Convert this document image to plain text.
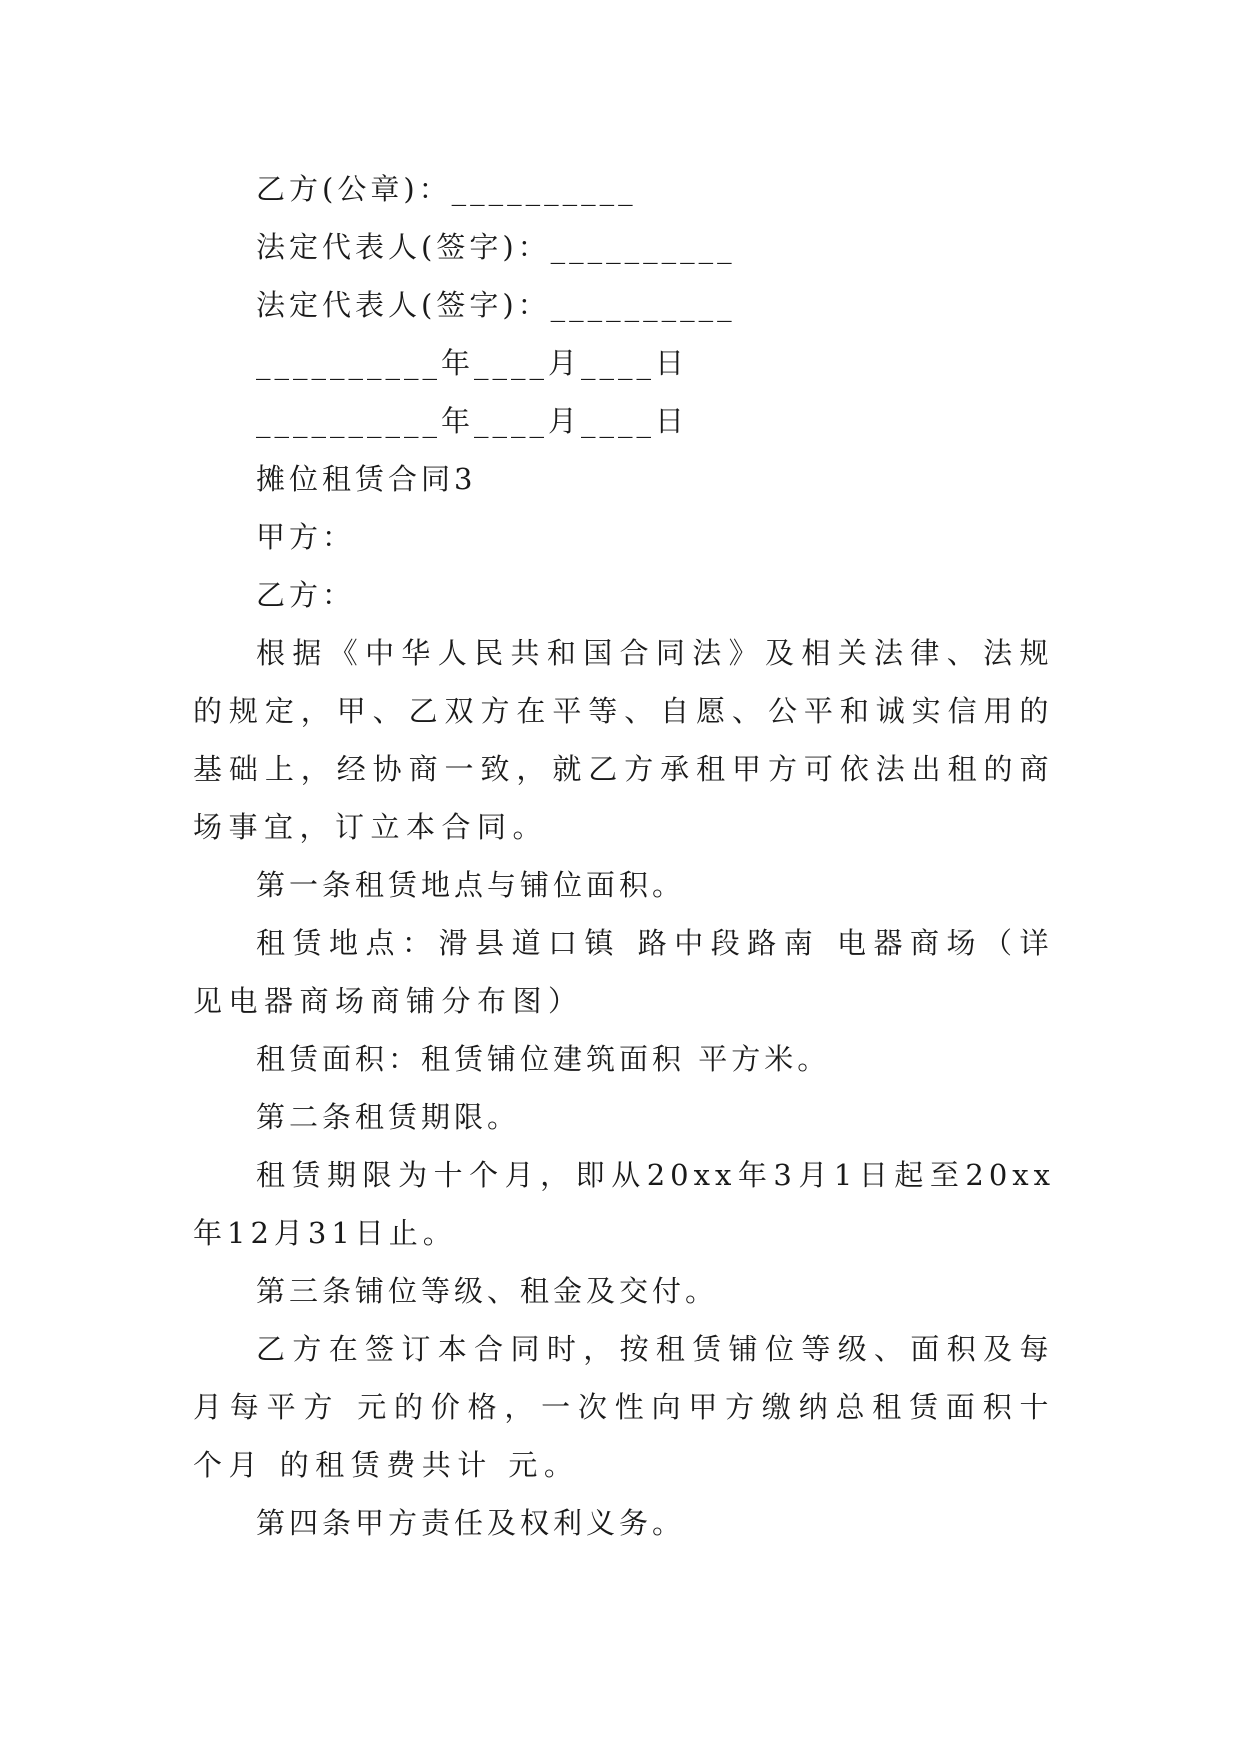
乙方(公章)：__________

法定代表人(签字)：__________

法定代表人(签字)：__________

__________年____月____日

__________年____月____日

摊位租赁合同3

甲方：

乙方：

根据《中华人民共和国合同法》及相关法律、法规的规定，甲、乙双方在平等、自愿、公平和诚实信用的基础上，经协商一致，就乙方承租甲方可依法出租的商场事宜，订立本合同。

第一条租赁地点与铺位面积。

租赁地点：滑县道口镇 路中段路南 电器商场（详见电器商场商铺分布图）

租赁面积：租赁铺位建筑面积 平方米。

第二条租赁期限。

租赁期限为十个月，即从20xx年3月1日起至20xx年12月31日止。

第三条铺位等级、租金及交付。

乙方在签订本合同时，按租赁铺位等级、面积及每月每平方 元的价格，一次性向甲方缴纳总租赁面积十个月 的租赁费共计 元。

第四条甲方责任及权利义务。
